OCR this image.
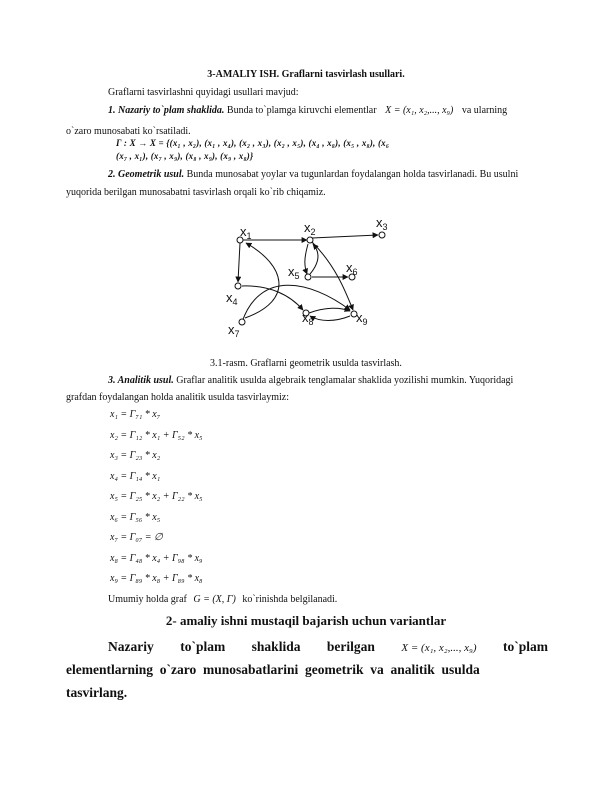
3-AMALIY ISH. Graflarni tasvirlash usullari.
Graflarni tasvirlashni quyidagi usullari mavjud:
1. Nazariy to`plam shaklida. Bunda to`plamga kiruvchi elementlar X = (x₁, x₂,..., x₉) va ularning
o`zaro munosabati ko`rsatiladi.
Γ : X → X = {(x₁ , x₂), (x₁ , x₄), (x₂ , x₃), (x₂ , x₅), (x₄ , x₈), (x₅ , x₈), (x₆
(x₇ , x₁), (x₇ , x₉), (x₈ , x₉), (x₉ , x₈)}
2. Geometrik usul. Bunda munosabat yoylar va tugunlardan foydalangan holda tasvirlanadi. Bu usulni
yuqorida berilgan munosabatni tasvirlash orqali ko`rib chiqamiz.
$x_1$
$x_2$
$x_3$
$x_4$
$x_5$
$x_6$
$x_7$
$x_8$	$x_9$
3.1-rasm. Graflarni geometrik usulda tasvirlash.
3. Analitik usul. Graflar analitik usulda algebraik tenglamalar shaklida yozilishi mumkin. Yuqoridagi
grafdan foydalangan holda analitik usulda tasvirlaymiz:
x₁ = Γ₇₁ * x₇
x₂ = Γ₁₂ * x₁ + Γ₅₂ * x₅
x₃ = Γ₂₃ * x₂
x₄ = Γ₁₄ * x₁
x₅ = Γ₂₅ * x₂ + Γ₂₂ * x₅
x₆ = Γ₅₆ * x₅
x₇ = Γ₀₇ = ∅
x₈ = Γ₄₈ * x₄ + Γ₉₈ * x₉
x₉ = Γ₈₉ * x₈ + Γ₈₉ * x₈
Umumiy holda graf G = (X, Γ) ko`rinishda belgilanadi.
2- amaliy ishni mustaqil bajarish uchun variantlar
Nazariy to`plam shaklida berilgan X = (x₁, x₂,..., x₉) to`plam
elementlarning  o`zaro  munosabatlarini  geometrik  va  analitik  usulda
tasvirlang.
